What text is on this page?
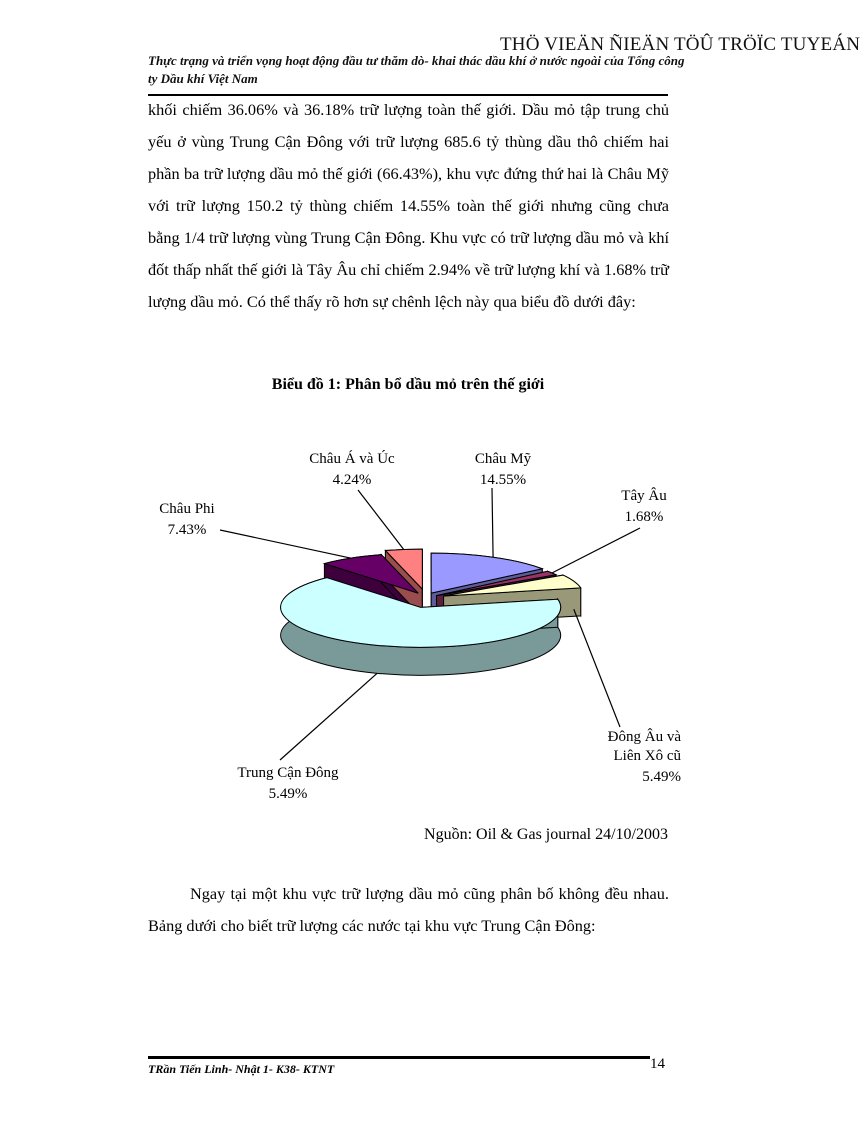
THÖ VIEÄN ÑIEÄN TÖÛ TRÖÏC TUYEÁN
Thực trạng và triển vọng hoạt động đầu tư thăm dò- khai thác dầu khí ở nước ngoài của Tổng công ty Dầu khí Việt Nam
khối chiếm 36.06% và 36.18% trữ lượng toàn thế giới. Dầu mỏ tập trung chủ yếu ở vùng Trung Cận Đông với trữ lượng 685.6 tỷ thùng dầu thô chiếm hai phần ba trữ lượng dầu mỏ thế giới (66.43%), khu vực đứng thứ hai là Châu Mỹ với trữ lượng 150.2 tỷ thùng chiếm 14.55% toàn thế giới nhưng cũng chưa bằng 1/4 trữ lượng vùng Trung Cận Đông. Khu vực có trữ lượng dầu mỏ và khí đốt thấp nhất thế giới là Tây Âu chỉ chiếm 2.94% về trữ lượng khí và 1.68% trữ lượng dầu mỏ. Có thể thấy rõ hơn sự chênh lệch này qua biểu đồ dưới đây:
Biểu đồ 1: Phân bổ dầu mỏ trên thế giới
Châu Á và Úc
4.24%
Châu Mỹ
14.55%
Tây Âu
1.68%
Châu Phi
7.43%
Đông Âu và
Liên Xô cũ
5.49%
Trung Cận Đông
5.49%
Nguồn: Oil & Gas journal 24/10/2003
Ngay tại một khu vực trữ lượng dầu mỏ cũng phân bố không đều nhau. Bảng dưới cho biết trữ lượng các nước tại khu vực Trung Cận Đông:
TRần Tiến Linh- Nhật 1- K38- KTNT	14
